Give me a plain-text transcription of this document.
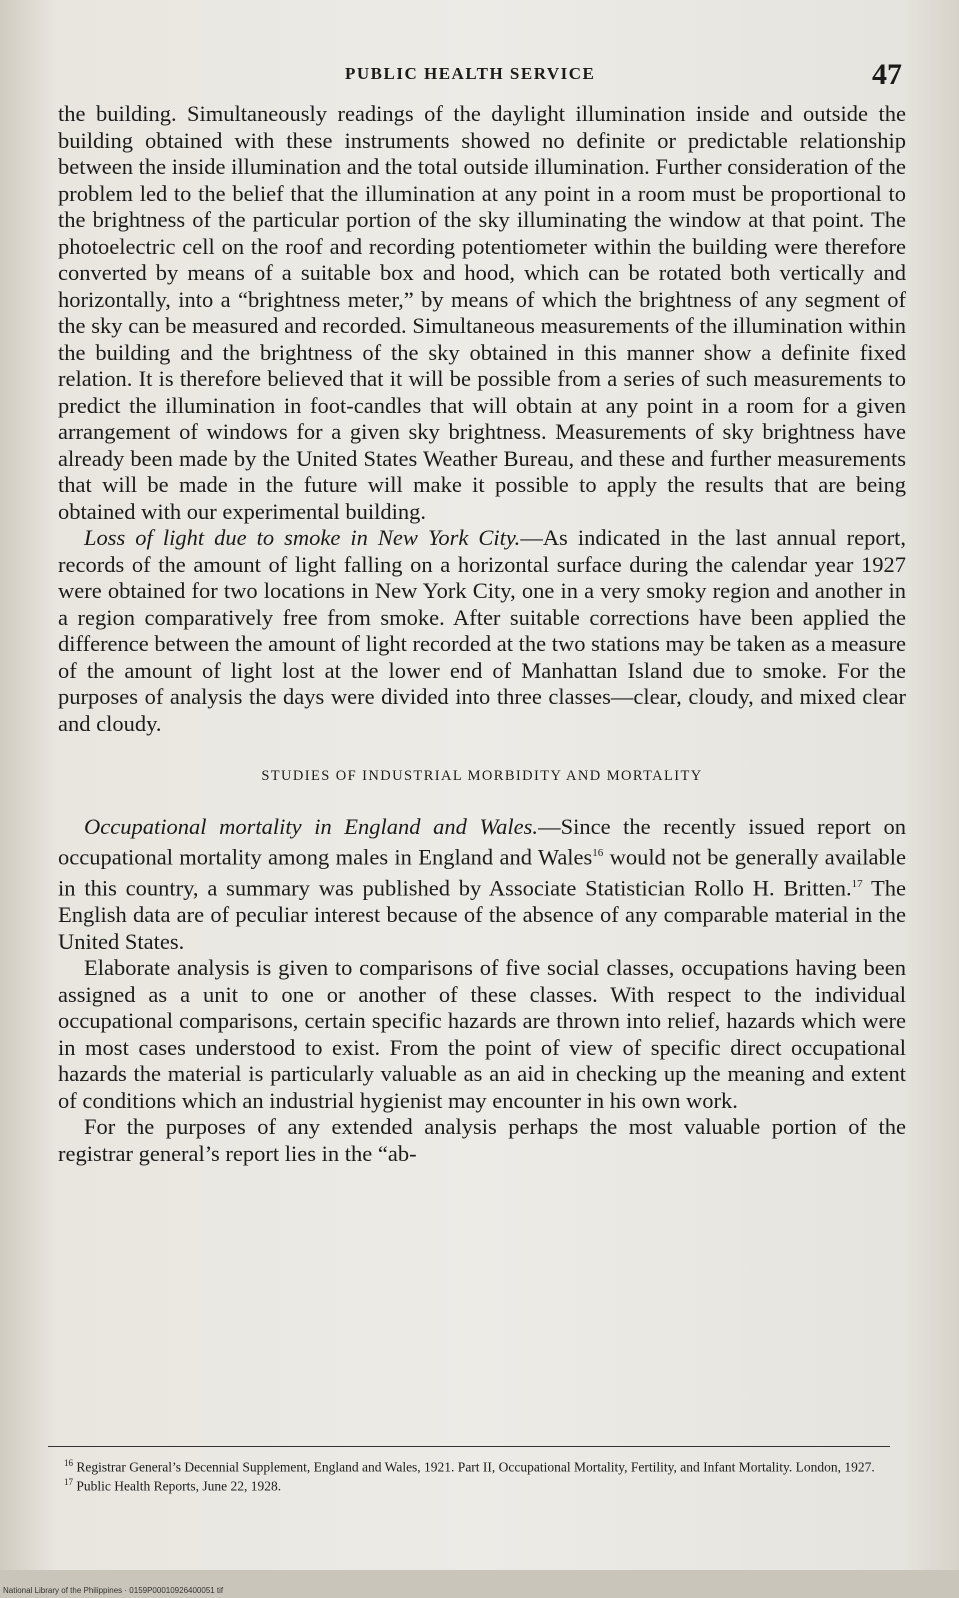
PUBLIC HEALTH SERVICE	47

the building. Simultaneously readings of the daylight illumination inside and outside the building obtained with these instruments showed no definite or predictable relationship between the inside illumination and the total outside illumination. Further consideration of the problem led to the belief that the illumination at any point in a room must be proportional to the brightness of the particular portion of the sky illuminating the window at that point. The photoelectric cell on the roof and recording potentiometer within the building were therefore converted by means of a suitable box and hood, which can be rotated both vertically and horizontally, into a “brightness meter,” by means of which the brightness of any segment of the sky can be measured and recorded. Simultaneous measurements of the illumination within the building and the brightness of the sky obtained in this manner show a definite fixed relation. It is therefore believed that it will be possible from a series of such measurements to predict the illumination in foot-candles that will obtain at any point in a room for a given arrangement of windows for a given sky brightness. Measurements of sky brightness have already been made by the United States Weather Bureau, and these and further measurements that will be made in the future will make it possible to apply the results that are being obtained with our experimental building.

Loss of light due to smoke in New York City.—As indicated in the last annual report, records of the amount of light falling on a horizontal surface during the calendar year 1927 were obtained for two locations in New York City, one in a very smoky region and another in a region comparatively free from smoke. After suitable corrections have been applied the difference between the amount of light recorded at the two stations may be taken as a measure of the amount of light lost at the lower end of Manhattan Island due to smoke. For the purposes of analysis the days were divided into three classes—clear, cloudy, and mixed clear and cloudy.

STUDIES OF INDUSTRIAL MORBIDITY AND MORTALITY

Occupational mortality in England and Wales.—Since the recently issued report on occupational mortality among males in England and Wales$^{16}$ would not be generally available in this country, a summary was published by Associate Statistician Rollo H. Britten.$^{17}$ The English data are of peculiar interest because of the absence of any comparable material in the United States.

Elaborate analysis is given to comparisons of five social classes, occupations having been assigned as a unit to one or another of these classes. With respect to the individual occupational comparisons, certain specific hazards are thrown into relief, hazards which were in most cases understood to exist. From the point of view of specific direct occupational hazards the material is particularly valuable as an aid in checking up the meaning and extent of conditions which an industrial hygienist may encounter in his own work.

For the purposes of any extended analysis perhaps the most valuable portion of the registrar general’s report lies in the “ab-

$^{16}$ Registrar General’s Decennial Supplement, England and Wales, 1921. Part II, Occupational Mortality, Fertility, and Infant Mortality. London, 1927.

$^{17}$ Public Health Reports, June 22, 1928.

National Library of the Philippines · 0159P00010926400051 tif
